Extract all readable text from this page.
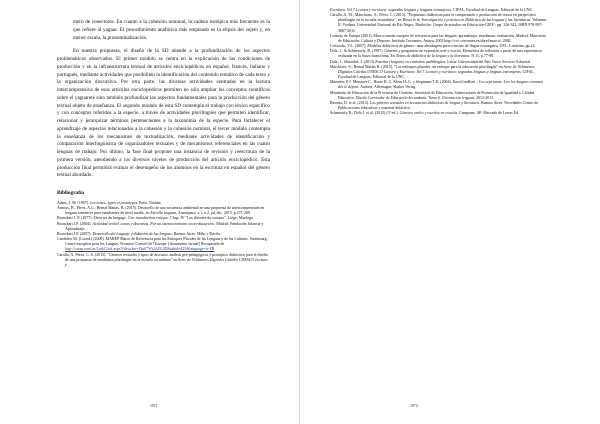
mero de conectores. En cuanto a la cohesión nominal, la cadena isotópica más frecuente es la que refiere al yaguar. El procedimiento anafórico más empleado es la elipsis del sujeto y, en menor escala, la pronominalización.

En nuestra propuesta, el diseño de la SD atiende a la profundización de los aspectos problemáticos observados. El primer módulo se centra en la explicación de las condiciones de producción y en la infraestructura textual de artículos enciclopédicos en español, francés, italiano y portugués, mediante actividades que posibiliten la identificación del contenido temático de cada texto y la organización discursiva. Por otra parte, las diversas actividades centradas en la lectura intercomprensiva de esos artículos enciclopédicos permiten no sólo ampliar los conceptos científicos sobre el yaguareté sino también profundizar los aspectos fundamentales para la producción del género textual objeto de enseñanza. El segundo módulo de esta SD contempla el trabajo con léxico específico y con conceptos referidos a la especie, a través de actividades plurilingües que permiten identificar, relacionar y jerarquizar términos pertenecientes a la taxonomía de la especie. Para fortalecer el aprendizaje de aspectos relacionados a la cohesión y la cohesión nominal, el tercer módulo contempla la enseñanza de los mecanismos de textualización, mediante actividades de identificación y comparación interlingüística de organizadores textuales y de mecanismos referenciales en las cuatro lenguas de trabajo. Por último, la fase final propone una instancia de revisión y reescritura de la primera versión, atendiendo a los diversos niveles de producción del artículo enciclopédico. Esta producción final permitirá evaluar el desempeño de los alumnos en la escritura en español del género textual abordado.

Bibliografía

Adam, J. M. (1997). Les textes: types et prototypes. Paris: Nathan.

Arnoux, B., Pérez, A.C.; Bernal Matías, B. (2015). Desarrollo de una secuencia ambiental en una propuesta de intercomprensión en lenguas romances para estudiantes de nivel medio, en Estrella lenguas, Araraquara, v.1, n.2, jul./dic. 2015, p.271-289.

Bronckart J. P. (1977). Théories du langage: Une introduction critique. Chap. IV "Les théories du sociaux". Liège: Mardaga.

Bronckart J.P. (2004). Actividad verbal, textos y discursos. Por un interaccionismo socio-discursivo. Madrid: Fundación Infancia y Aprendizaje.

Bronckart J.P. (2007). Desarrollo del lenguaje y didáctica de las lenguas. Buenos Aires: Miño y Dávila.

Candelier M. (Coord.) (2008). MAREP Marco de Referencia para los Enfoques Plurales de las Lenguas y de las Culturas. Strasbourg: Centre européen pour les Langues Vivantes/ Conseil de l'Europe. [documento virtual] Recuperado de http://carap.ecml.at/LinkClick.aspx?fileticket=Zmtl7Wj2AI%3D&tabid=425&language=fr-FR

Carullo, A. Pérez, C. S. (2015). "Géneros textuales y tipos de discurso: análisis pre-pedagógicos y principios didácticos para el diseño de una propuesta de enseñanza plurilingüe en la escuela secundaria" en Serie de Volúmenes Digitales Cátedra UNESCO Lectura y

1071

Escritura. Vol 7 Lectura y escritura: segundas lenguas y lenguas extranjeras. CIFAL, Facultad de Lenguas, Editorial de la UNC.

Carullo, A. M.; Manchiaro, S.; Pérez, C. (2015). "Propuestas didácticas para la comprensión y producción de textos en perspectiva plurilingüe en la escuela secundaria", en Bossa et al. Investigación y práctica en Didáctica de las lenguas y las literaturas. Volumen II. Viedma: Universidad Nacional de Río Negro, Bariloche: Grupo de estudios en Educación-GIEE - pp. 326-342. ISBN 978-987-3667-20-6.

Consejo de Europa (2001). Marco común europeo de referencia para las lenguas: aprendizaje, enseñanza, evaluación. Madrid: Ministerio de Educación, Cultura y Deporte, Instituto Cervantes, Anaya, 2003 http://cvc.cervantes.es/obref/marco/, 2002.

Cristovão, V.L. (2007). Modelos didácticos de género: uma abordagem para o ensino de língua estrangeira. UEL, Londrina, pp.23.

Dolz, J., & Schneuwly, B. (1997). Géneros y progresión en expresión oral y escrita. Elementos de reflexión a partir de una experiencia realizada en la Suiza francófona. En Textos de didáctica de la lengua y la literatura. N 11, p.77-98.

Dolz, J., Idiazábal, I. (2013) Enseñar (lenguas) en contextos multilingües. Leioa: Universidad del País Vasco Servicio Editorial.

Marchiaro, S.; Bernal Matías B. (2015). "Los enfoques plurales: un enfoque para la educación plurilingüe" en Serie de Volúmenes Digitales Cátedra UNESCO Lectura y Escritura. Vol 7 Lectura y escritura: segundas lenguas y lenguas extranjeras. CIFAL, Facultad de Lenguas, Editorial de la UNC.

Mazurier, F.J. Meissner C., Hoste H. G. Klein H. G. y Stegmann T.D. (2004). EuroComRom – Les sept tamis: Lire les langues romanes dès le départ. Aachen: Allemagne, Shaker Verlag.

Ministerio de Educación de la Provincia de Córdoba. Secretaría de Educación. Subsecretaría de Promoción de Igualdad y Calidad Educativa. Diseño Curricular de Educación Secundaria. Tomo 6. Orientación lenguas. 2012-2015.

Ravetta, D. et al. (2014). Los géneros textuales en secuencias didácticas de lengua y literatura. Buenos Aires: Novedades Centro de Publicaciones educativas y material didáctico.

Schneuwly B., Dolz J. et al. (2015) (3ª ed.). Géneros orales y escritos en escuela. Campinas, SP: Mercado de Letras Ed.

1072
